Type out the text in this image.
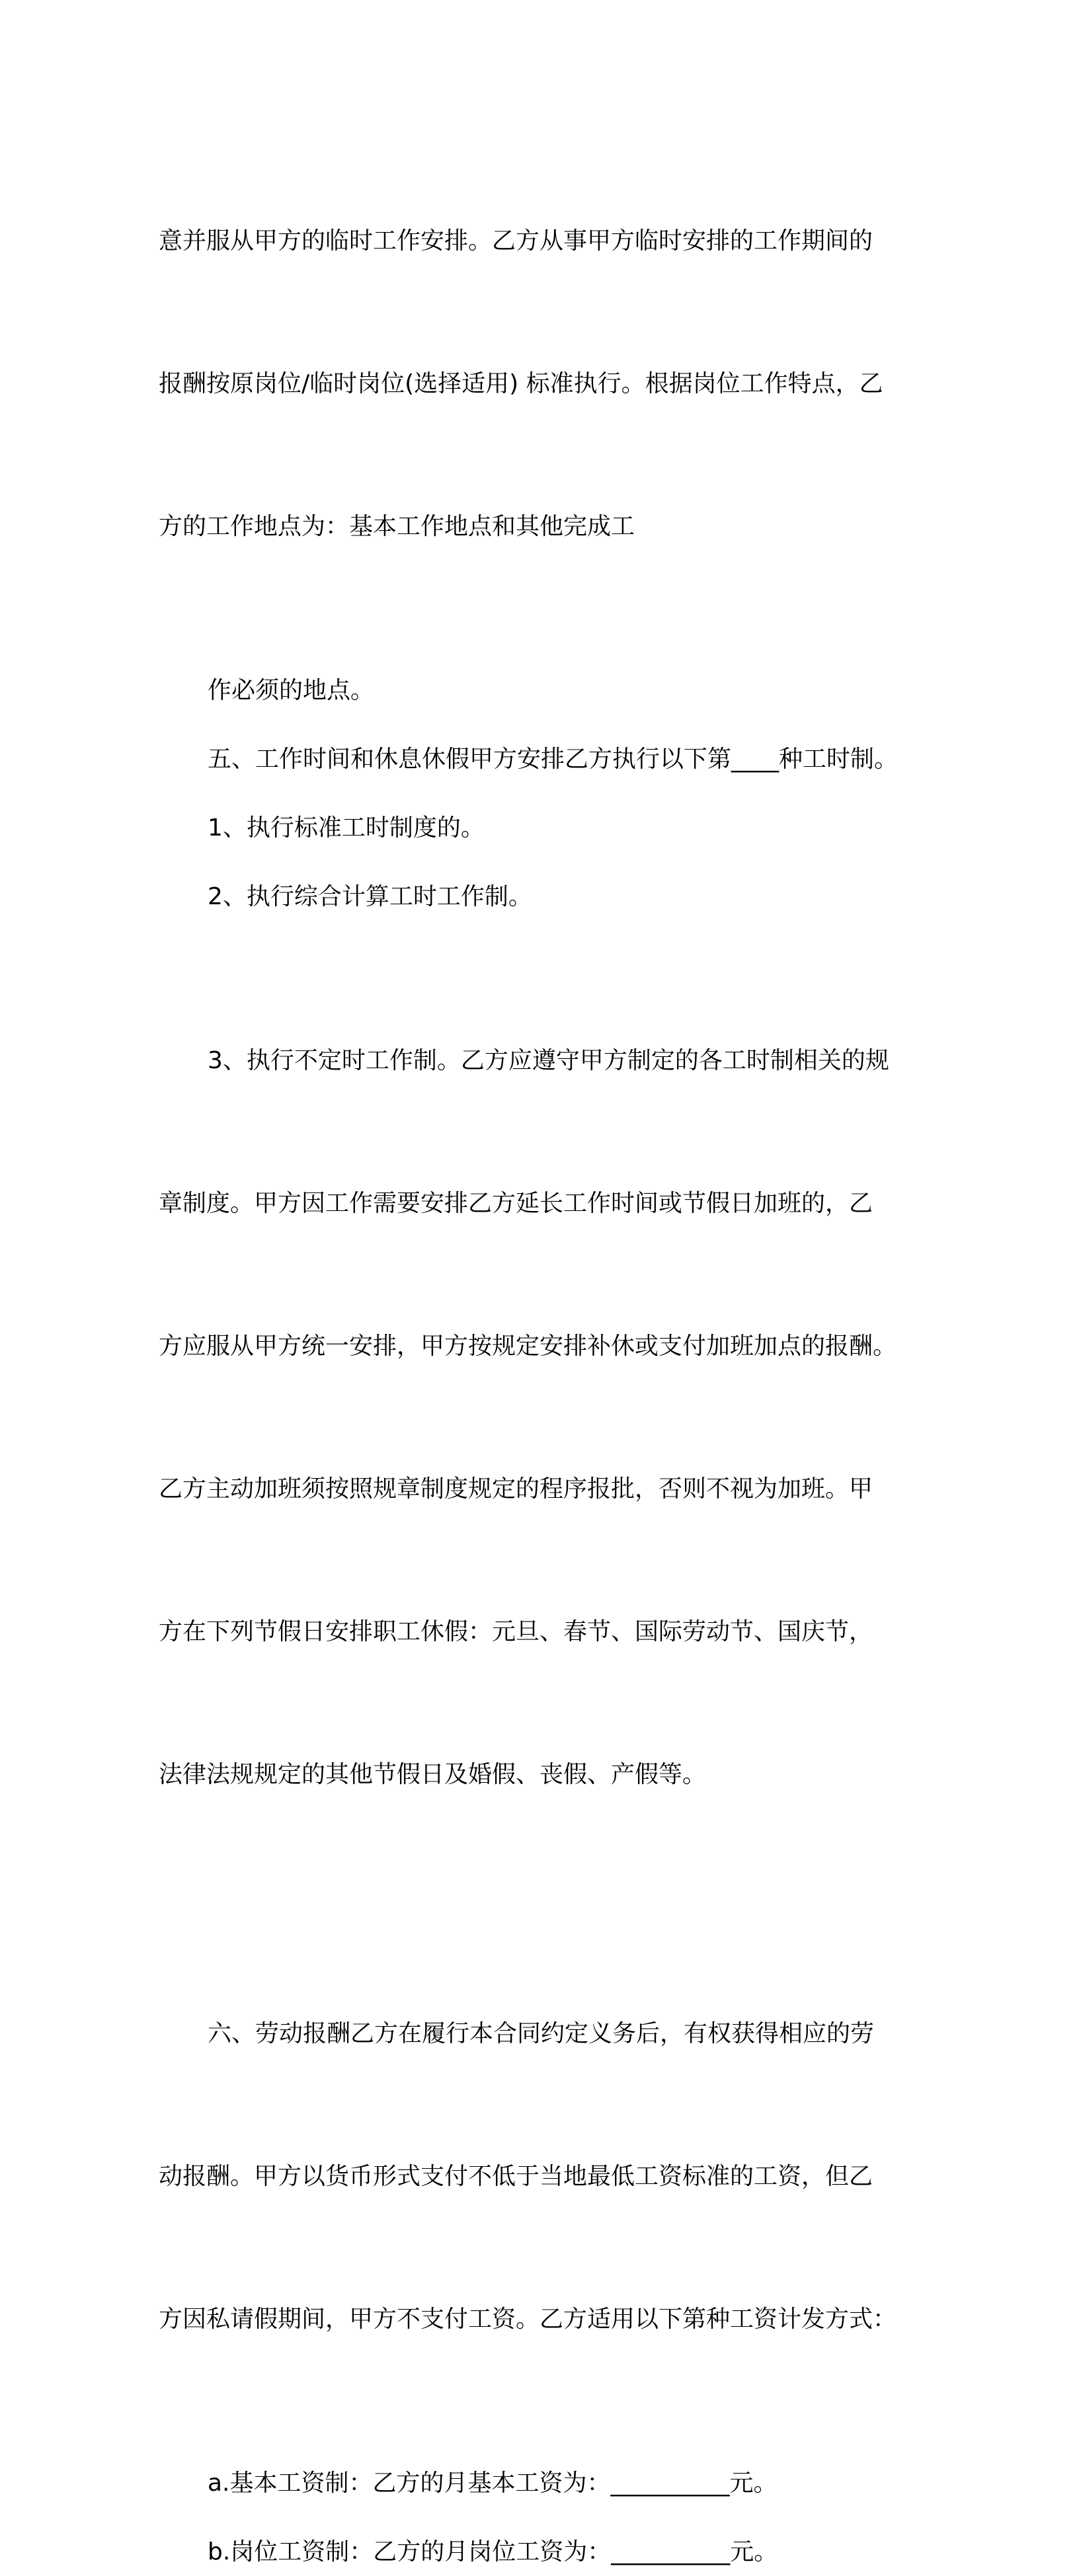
意并服从甲方的临时工作安排。乙方从事甲方临时安排的工作期间的

报酬按原岗位/临时岗位(选择适用) 标准执行。根据岗位工作特点，乙

方的工作地点为：基本工作地点和其他完成工

作必须的地点。

五、工作时间和休息休假甲方安排乙方执行以下第____种工时制。

1、执行标准工时制度的。

2、执行综合计算工时工作制。

3、执行不定时工作制。乙方应遵守甲方制定的各工时制相关的规

章制度。甲方因工作需要安排乙方延长工作时间或节假日加班的，乙

方应服从甲方统一安排，甲方按规定安排补休或支付加班加点的报酬。

乙方主动加班须按照规章制度规定的程序报批，否则不视为加班。甲

方在下列节假日安排职工休假：元旦、春节、国际劳动节、国庆节，

法律法规规定的其他节假日及婚假、丧假、产假等。

六、劳动报酬乙方在履行本合同约定义务后，有权获得相应的劳

动报酬。甲方以货币形式支付不低于当地最低工资标准的工资，但乙

方因私请假期间，甲方不支付工资。乙方适用以下第种工资计发方式：

a.基本工资制：乙方的月基本工资为：__________元。

b.岗位工资制：乙方的月岗位工资为：__________元。
